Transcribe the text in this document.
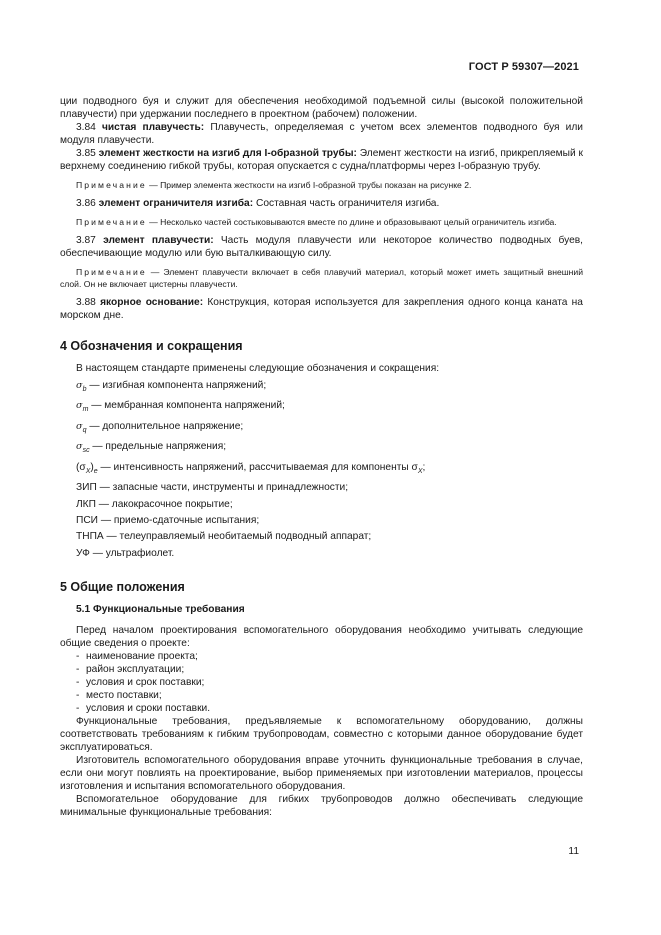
ГОСТ Р 59307—2021

ции подводного буя и служит для обеспечения необходимой подъемной силы (высокой положительной плавучести) при удержании последнего в проектном (рабочем) положении.

3.84 чистая плавучесть: Плавучесть, определяемая с учетом всех элементов подводного буя или модуля плавучести.

3.85 элемент жесткости на изгиб для I-образной трубы: Элемент жесткости на изгиб, прикрепляемый к верхнему соединению гибкой трубы, которая опускается с судна/платформы через I-образную трубу.

Примечание — Пример элемента жесткости на изгиб I-образной трубы показан на рисунке 2.

3.86 элемент ограничителя изгиба: Составная часть ограничителя изгиба.

Примечание — Несколько частей состыковываются вместе по длине и образовывают целый ограничитель изгиба.

3.87 элемент плавучести: Часть модуля плавучести или некоторое количество подводных буев, обеспечивающие модулю или бую выталкивающую силу.

Примечание — Элемент плавучести включает в себя плавучий материал, который может иметь защитный внешний слой. Он не включает цистерны плавучести.

3.88 якорное основание: Конструкция, которая используется для закрепления одного конца каната на морском дне.

4 Обозначения и сокращения

В настоящем стандарте применены следующие обозначения и сокращения:

$\sigma_b$ — изгибная компонента напряжений;
$\sigma_m$ — мембранная компонента напряжений;
$\sigma_q$ — дополнительное напряжение;
$\sigma_{sc}$ — предельные напряжения;
$(\sigma_X)_e$ — интенсивность напряжений, рассчитываемая для компоненты $\sigma_X$;
ЗИП — запасные части, инструменты и принадлежности;
ЛКП — лакокрасочное покрытие;
ПСИ — приемо-сдаточные испытания;
ТНПА — телеуправляемый необитаемый подводный аппарат;
УФ — ультрафиолет.
5 Общие положения
5.1 Функциональные требования

Перед началом проектирования вспомогательного оборудования необходимо учитывать следующие общие сведения о проекте:

- наименование проекта;
- район эксплуатации;
- условия и срок поставки;
- место поставки;
- условия и сроки поставки.

Функциональные требования, предъявляемые к вспомогательному оборудованию, должны соответствовать требованиям к гибким трубопроводам, совместно с которыми данное оборудование будет эксплуатироваться.

Изготовитель вспомогательного оборудования вправе уточнить функциональные требования в случае, если они могут повлиять на проектирование, выбор применяемых при изготовлении материалов, процессы изготовления и испытания вспомогательного оборудования.

Вспомогательное оборудование для гибких трубопроводов должно обеспечивать следующие минимальные функциональные требования:

11
